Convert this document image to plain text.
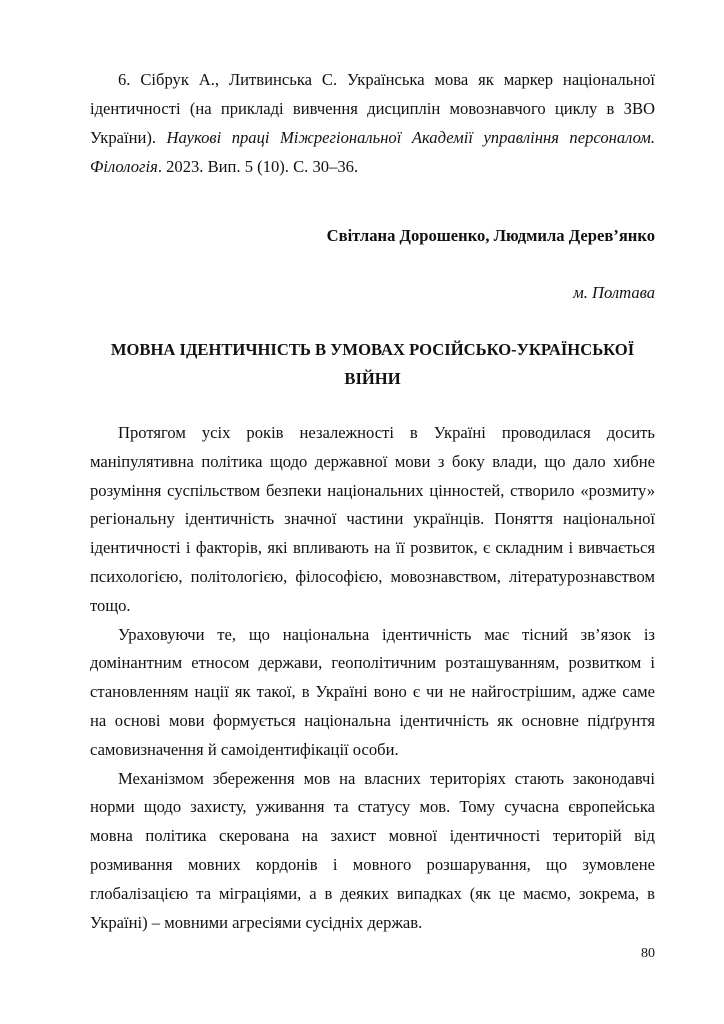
6. Сібрук А., Литвинська С. Українська мова як маркер національної
ідентичності (на прикладі вивчення дисциплін мовознавчого циклу в ЗВО
України). Наукові праці Міжрегіональної Академії управління персоналом.
Філологія. 2023. Вип. 5 (10). С. 30–36.
Світлана Дорошенко, Людмила Дерев’янко
м. Полтава
МОВНА ІДЕНТИЧНІСТЬ В УМОВАХ РОСІЙСЬКО-УКРАЇНСЬКОЇ
ВІЙНИ
Протягом усіх років незалежності в Україні проводилася досить
маніпулятивна політика щодо державної мови з боку влади, що дало хибне
розуміння суспільством безпеки національних цінностей, створило «розмиту»
регіональну ідентичність значної частини українців. Поняття національної
ідентичності і факторів, які впливають на її розвиток, є складним і вивчається
психологією, політологією, філософією, мовознавством, літературознавством
тощо.
Ураховуючи те, що національна ідентичність має тісний зв’язок із
домінантним етносом держави, геополітичним розташуванням, розвитком і
становленням нації як такої, в Україні воно є чи не найгострішим, адже саме
на основі мови формується національна ідентичність як основне підґрунтя
самовизначення й самоідентифікації особи.
Механізмом збереження мов на власних територіях стають законодавчі
норми щодо захисту, уживання та статусу мов. Тому сучасна європейська
мовна політика скерована на захист мовної ідентичності територій від
розмивання мовних кордонів і мовного розшарування, що зумовлене
глобалізацією та міграціями, а в деяких випадках (як це маємо, зокрема, в
Україні) – мовними агресіями сусідніх держав.
80
